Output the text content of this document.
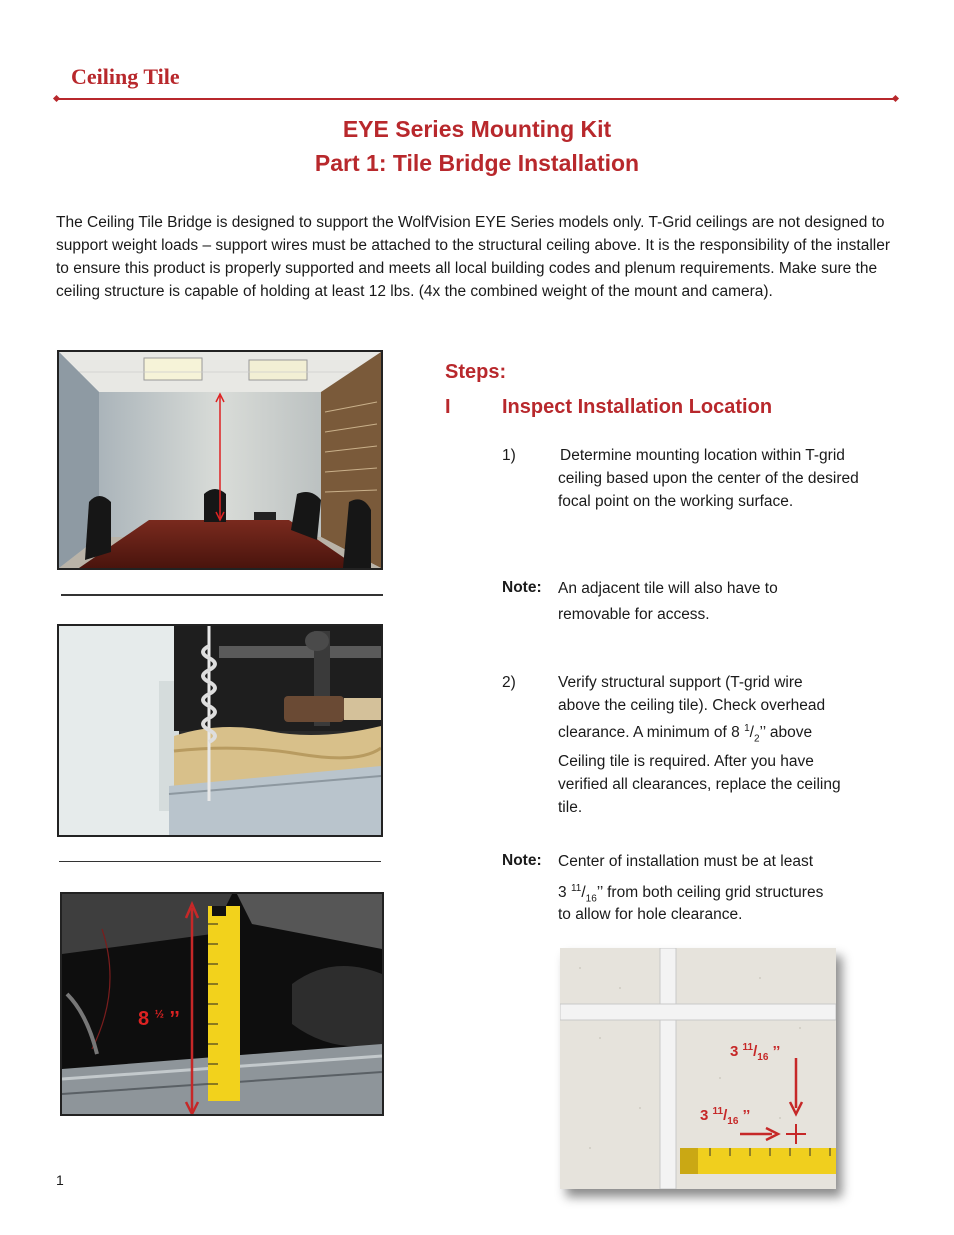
Ceiling Tile
EYE Series Mounting Kit
Part 1: Tile Bridge Installation
The Ceiling Tile Bridge is designed to support the WolfVision EYE Series models only. T-Grid ceilings are not designed to support weight loads – support wires must be attached to the structural ceiling above. It is the responsibility of the installer to ensure this product is properly supported and meets all local building codes and plenum requirements. Make sure the ceiling structure is capable of holding at least 12 lbs. (4x the combined weight of the mount and camera).
8 $^{\frac{1}{2}}$ ’’
Steps:
I	Inspect Installation Location
1)	Determine mounting location within T-grid ceiling based upon the center of the desired focal point on the working surface.
Note: An adjacent tile will also have to
removable for access.
2)	Verify structural support (T-grid wire
above the ceiling tile). Check overhead
clearance. A minimum of 8 $^1/_2$’’ above
Ceiling tile is required. After you have
verified all clearances, replace the ceiling
tile.
Note: Center of installation must be at least
3 $^{11}/_{16}$’’ from both ceiling grid structures
to allow for hole clearance.
3 $^{11}/_{16}$ ’’
3 $^{11}/_{16}$ ’’
1
